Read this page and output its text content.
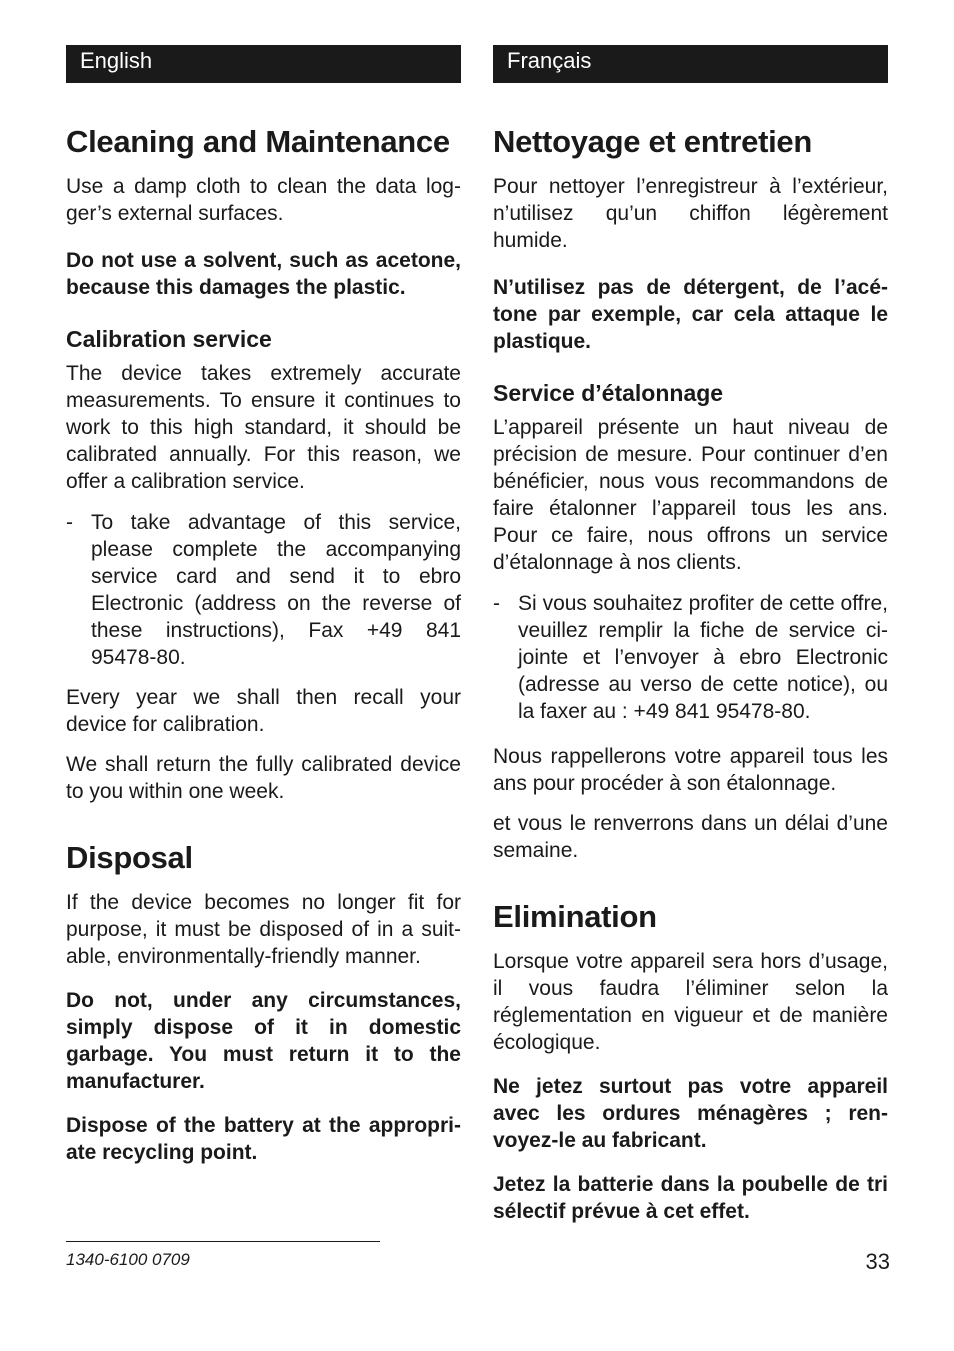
English
Cleaning and Maintenance

Use a damp cloth to clean the data logger’s external surfaces.

Do not use a solvent, such as acetone, because this damages the plastic.

Calibration service

The device takes extremely accurate measurements. To ensure it continues to work to this high standard, it should be calibrated annually. For this reason, we offer a calibration service.

- To take advantage of this service, please complete the accompanying service card and send it to ebro Electronic (address on the reverse of these instructions), Fax +49 841 95478-80.

Every year we shall then recall your device for calibration.

We shall return the fully calibrated device to you within one week.

Disposal

If the device becomes no longer fit for purpose, it must be disposed of in a suitable, environmentally-friendly manner.

Do not, under any circumstances, simply dispose of it in domestic garbage. You must return it to the manufacturer.

Dispose of the battery at the appropriate recycling point.

Français
Nettoyage et entretien

Pour nettoyer l’enregistreur à l’extérieur, n’utilisez qu’un chiffon légèrement humide.

N’utilisez pas de détergent, de l’acétone par exemple, car cela attaque le plastique.

Service d’étalonnage

L’appareil présente un haut niveau de précision de mesure. Pour continuer d’en bénéficier, nous vous recommandons de faire étalonner l’appareil tous les ans. Pour ce faire, nous offrons un service d’étalonnage à nos clients.

- Si vous souhaitez profiter de cette offre, veuillez remplir la fiche de service ci-jointe et l’envoyer à ebro Electronic (adresse au verso de cette notice), ou la faxer au : +49 841 95478-80.

Nous rappellerons votre appareil tous les ans pour procéder à son étalonnage.

et vous le renverrons dans un délai d’une semaine.

Elimination

Lorsque votre appareil sera hors d’usage, il vous faudra l’éliminer selon la réglementation en vigueur et de manière écologique.

Ne jetez surtout pas votre appareil avec les ordures ménagères ; renvoyez-le au fabricant.

Jetez la batterie dans la poubelle de tri sélectif prévue à cet effet.

1340-6100 0709	33
